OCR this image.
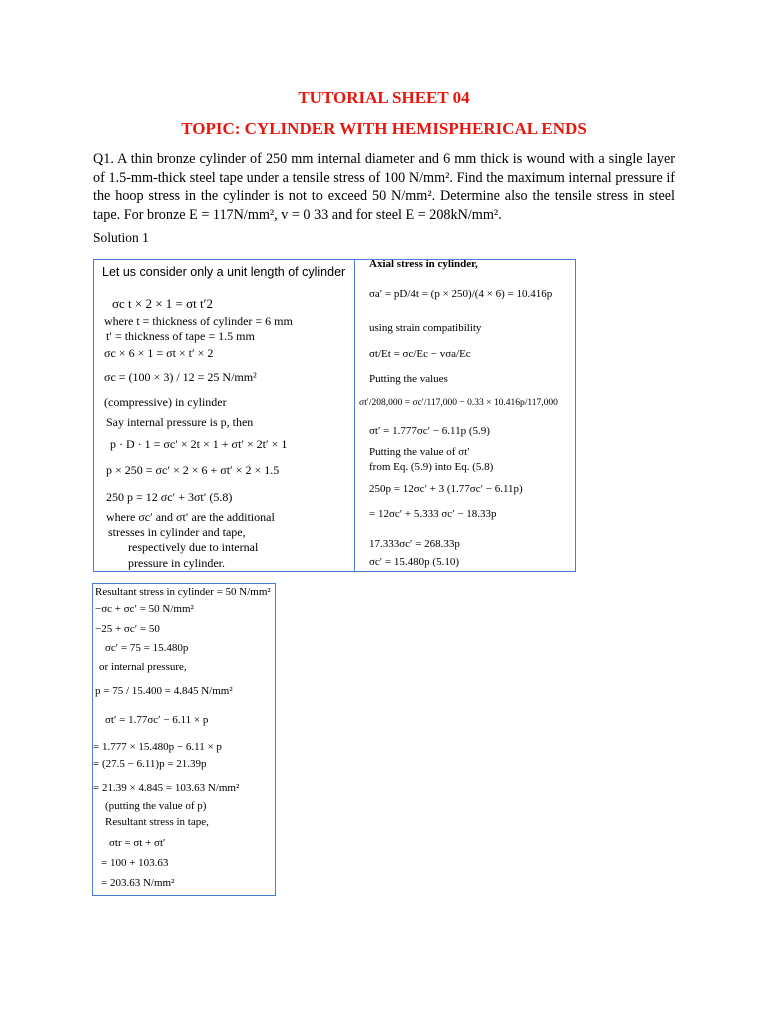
TUTORIAL SHEET 04
TOPIC: CYLINDER WITH HEMISPHERICAL ENDS
Q1. A thin bronze cylinder of 250 mm internal diameter and 6 mm thick is wound with a single layer of 1.5-mm-thick steel tape under a tensile stress of 100 N/mm². Find the maximum internal pressure if the hoop stress in the cylinder is not to exceed 50 N/mm². Determine also the tensile stress in steel tape. For bronze E = 117N/mm², v = 0 33 and for steel E = 208kN/mm².
Solution 1
Let us consider only a unit length of cylinder
σc t × 2 × 1 = σt t′2
where t = thickness of cylinder = 6 mm
t′ = thickness of tape = 1.5 mm
σc × 6 × 1 = σt × t′ × 2
σc = (100 × 3) / 12 = 25 N/mm²
(compressive) in cylinder
Say internal pressure is p, then
p · D · 1 = σc′ × 2t × 1 + σt′ × 2t′ × 1
p × 250 = σc′ × 2 × 6 + σt′ × 2 × 1.5
250 p = 12 σc′ + 3σt′ (5.8)
where σc′ and σt′ are the additional
stresses in cylinder and tape,
respectively due to internal
pressure in cylinder.
Axial stress in cylinder,
σa′ = pD/4t = (p × 250)/(4 × 6) = 10.416p
using strain compatibility
σt/Et = σc/Ec − vσa/Ec
Putting the values
σt′/208,000 = σc′/117,000 − 0.33 × 10.416p/117,000
σt′ = 1.777σc′ − 6.11p (5.9)
Putting the value of σt′
from Eq. (5.9) into Eq. (5.8)
250p = 12σc′ + 3 (1.77σc′ − 6.11p)
= 12σc′ + 5.333 σc′ − 18.33p
17.333σc′ = 268.33p
σc′ = 15.480p (5.10)
Resultant stress in cylinder = 50 N/mm²
−σc + σc′ = 50 N/mm²
−25 + σc′ = 50
σc′ = 75 = 15.480p
or internal pressure,
p = 75 / 15.400 = 4.845 N/mm²
σt′ = 1.77σc′ − 6.11 × p
= 1.777 × 15.480p − 6.11 × p
= (27.5 − 6.11)p = 21.39p
= 21.39 × 4.845 = 103.63 N/mm²
(putting the value of p)
Resultant stress in tape,
σtr = σt + σt′
= 100 + 103.63
= 203.63 N/mm²
